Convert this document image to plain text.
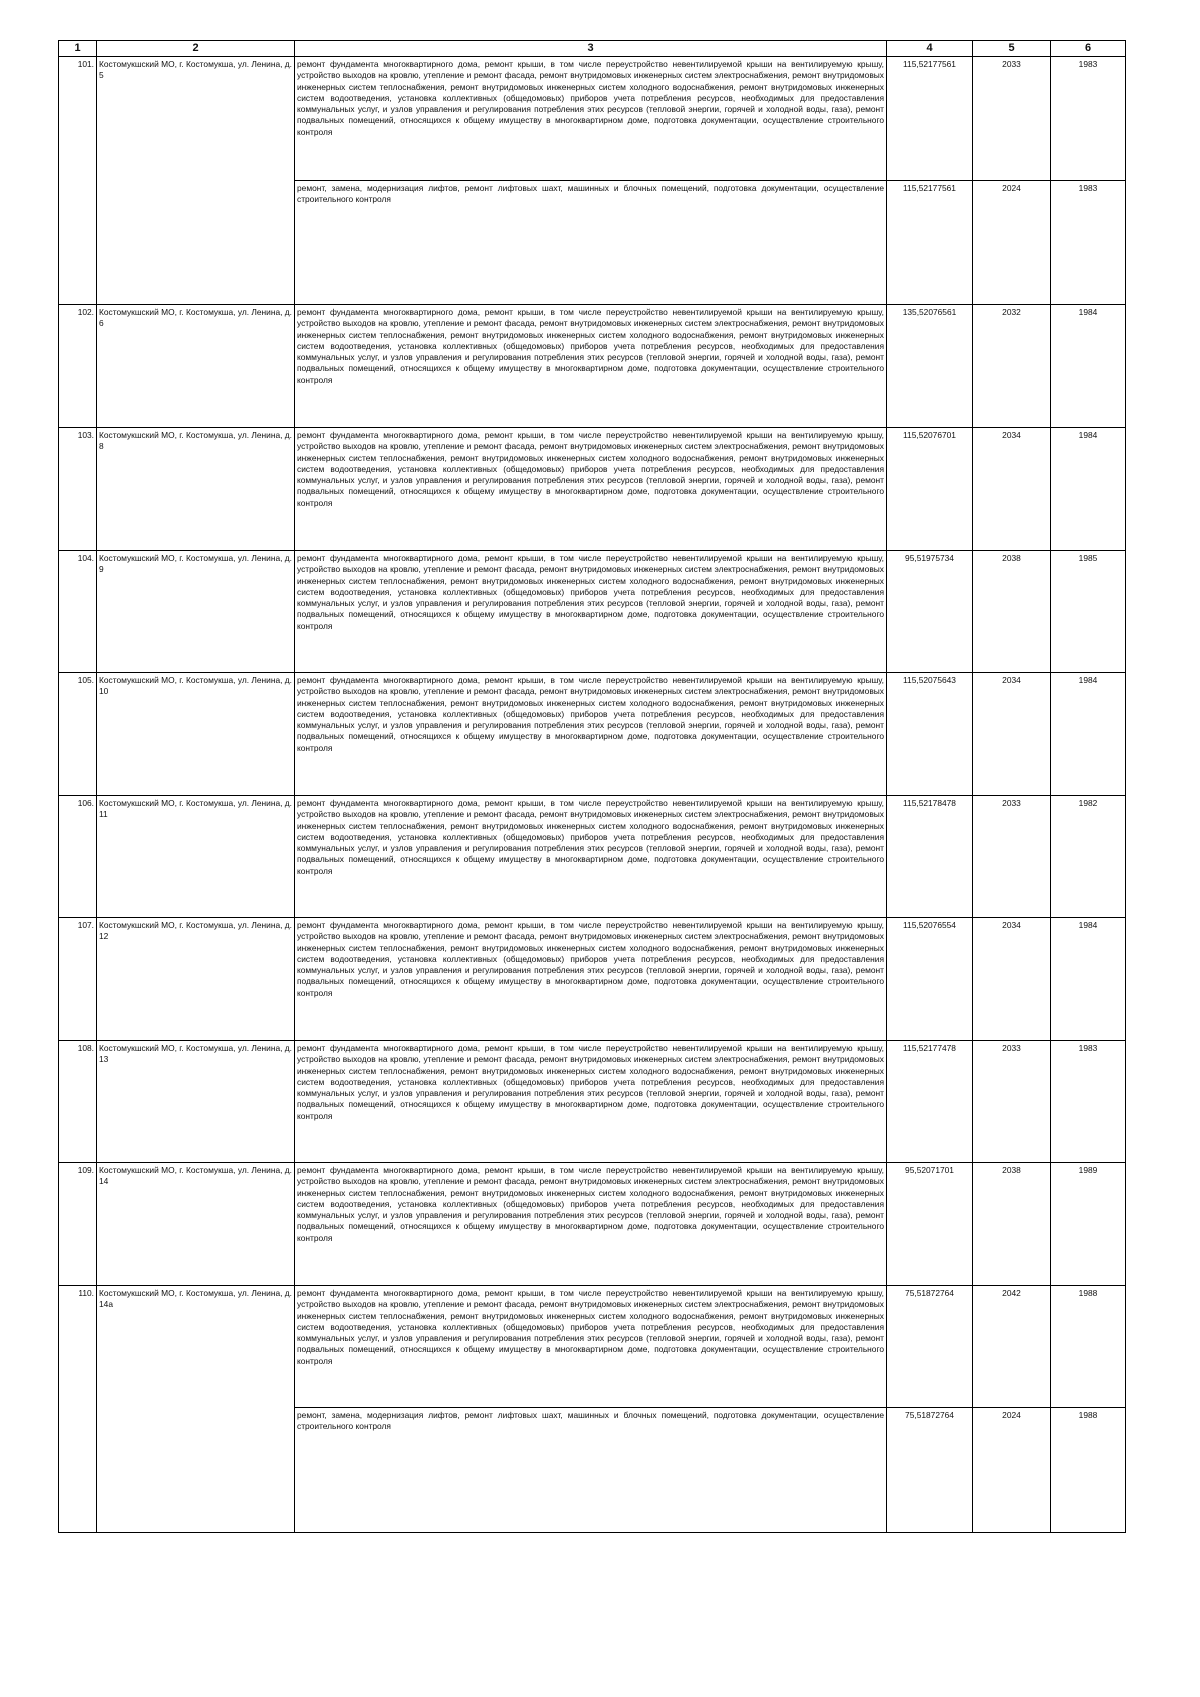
1	2	3	4	5	6
101.	Костомукшский МО, г. Костомукша, ул. Ленина, д. 5	ремонт фундамента многоквартирного дома, ремонт крыши, в том числе переустройство невентилируемой крыши на вентилируемую крышу, устройство выходов на кровлю, утепление и ремонт фасада, ремонт внутридомовых инженерных систем электроснабжения, ремонт внутридомовых инженерных систем теплоснабжения, ремонт внутридомовых инженерных систем холодного водоснабжения, ремонт внутридомовых инженерных систем водоотведения, установка коллективных (общедомовых) приборов учета потребления ресурсов, необходимых для предоставления коммунальных услуг, и узлов управления и регулирования потребления этих ресурсов (тепловой энергии, горячей и холодной воды, газа), ремонт подвальных помещений, относящихся к общему имуществу в многоквартирном доме, подготовка документации, осуществление строительного контроля	115,52177561	2033	1983
		ремонт, замена, модернизация лифтов, ремонт лифтовых шахт, машинных и блочных помещений, подготовка документации, осуществление строительного контроля	115,52177561	2024	1983
102.	Костомукшский МО, г. Костомукша, ул. Ленина, д. 6	ремонт фундамента многоквартирного дома, ремонт крыши, в том числе переустройство невентилируемой крыши на вентилируемую крышу, устройство выходов на кровлю, утепление и ремонт фасада, ремонт внутридомовых инженерных систем электроснабжения, ремонт внутридомовых инженерных систем теплоснабжения, ремонт внутридомовых инженерных систем холодного водоснабжения, ремонт внутридомовых инженерных систем водоотведения, установка коллективных (общедомовых) приборов учета потребления ресурсов, необходимых для предоставления коммунальных услуг, и узлов управления и регулирования потребления этих ресурсов (тепловой энергии, горячей и холодной воды, газа), ремонт подвальных помещений, относящихся к общему имуществу в многоквартирном доме, подготовка документации, осуществление строительного контроля	135,52076561	2032	1984
103.	Костомукшский МО, г. Костомукша, ул. Ленина, д. 8	ремонт фундамента многоквартирного дома, ремонт крыши, в том числе переустройство невентилируемой крыши на вентилируемую крышу, устройство выходов на кровлю, утепление и ремонт фасада, ремонт внутридомовых инженерных систем электроснабжения, ремонт внутридомовых инженерных систем теплоснабжения, ремонт внутридомовых инженерных систем холодного водоснабжения, ремонт внутридомовых инженерных систем водоотведения, установка коллективных (общедомовых) приборов учета потребления ресурсов, необходимых для предоставления коммунальных услуг, и узлов управления и регулирования потребления этих ресурсов (тепловой энергии, горячей и холодной воды, газа), ремонт подвальных помещений, относящихся к общему имуществу в многоквартирном доме, подготовка документации, осуществление строительного контроля	115,52076701	2034	1984
104.	Костомукшский МО, г. Костомукша, ул. Ленина, д. 9	ремонт фундамента многоквартирного дома, ремонт крыши, в том числе переустройство невентилируемой крыши на вентилируемую крышу, устройство выходов на кровлю, утепление и ремонт фасада, ремонт внутридомовых инженерных систем электроснабжения, ремонт внутридомовых инженерных систем теплоснабжения, ремонт внутридомовых инженерных систем холодного водоснабжения, ремонт внутридомовых инженерных систем водоотведения, установка коллективных (общедомовых) приборов учета потребления ресурсов, необходимых для предоставления коммунальных услуг, и узлов управления и регулирования потребления этих ресурсов (тепловой энергии, горячей и холодной воды, газа), ремонт подвальных помещений, относящихся к общему имуществу в многоквартирном доме, подготовка документации, осуществление строительного контроля	95,51975734	2038	1985
105.	Костомукшский МО, г. Костомукша, ул. Ленина, д. 10	ремонт фундамента многоквартирного дома, ремонт крыши, в том числе переустройство невентилируемой крыши на вентилируемую крышу, устройство выходов на кровлю, утепление и ремонт фасада, ремонт внутридомовых инженерных систем электроснабжения, ремонт внутридомовых инженерных систем теплоснабжения, ремонт внутридомовых инженерных систем холодного водоснабжения, ремонт внутридомовых инженерных систем водоотведения, установка коллективных (общедомовых) приборов учета потребления ресурсов, необходимых для предоставления коммунальных услуг, и узлов управления и регулирования потребления этих ресурсов (тепловой энергии, горячей и холодной воды, газа), ремонт подвальных помещений, относящихся к общему имуществу в многоквартирном доме, подготовка документации, осуществление строительного контроля	115,52075643	2034	1984
106.	Костомукшский МО, г. Костомукша, ул. Ленина, д. 11	ремонт фундамента многоквартирного дома, ремонт крыши, в том числе переустройство невентилируемой крыши на вентилируемую крышу, устройство выходов на кровлю, утепление и ремонт фасада, ремонт внутридомовых инженерных систем электроснабжения, ремонт внутридомовых инженерных систем теплоснабжения, ремонт внутридомовых инженерных систем холодного водоснабжения, ремонт внутридомовых инженерных систем водоотведения, установка коллективных (общедомовых) приборов учета потребления ресурсов, необходимых для предоставления коммунальных услуг, и узлов управления и регулирования потребления этих ресурсов (тепловой энергии, горячей и холодной воды, газа), ремонт подвальных помещений, относящихся к общему имуществу в многоквартирном доме, подготовка документации, осуществление строительного контроля	115,52178478	2033	1982
107.	Костомукшский МО, г. Костомукша, ул. Ленина, д. 12	ремонт фундамента многоквартирного дома, ремонт крыши, в том числе переустройство невентилируемой крыши на вентилируемую крышу, устройство выходов на кровлю, утепление и ремонт фасада, ремонт внутридомовых инженерных систем электроснабжения, ремонт внутридомовых инженерных систем теплоснабжения, ремонт внутридомовых инженерных систем холодного водоснабжения, ремонт внутридомовых инженерных систем водоотведения, установка коллективных (общедомовых) приборов учета потребления ресурсов, необходимых для предоставления коммунальных услуг, и узлов управления и регулирования потребления этих ресурсов (тепловой энергии, горячей и холодной воды, газа), ремонт подвальных помещений, относящихся к общему имуществу в многоквартирном доме, подготовка документации, осуществление строительного контроля	115,52076554	2034	1984
108.	Костомукшский МО, г. Костомукша, ул. Ленина, д. 13	ремонт фундамента многоквартирного дома, ремонт крыши, в том числе переустройство невентилируемой крыши на вентилируемую крышу, устройство выходов на кровлю, утепление и ремонт фасада, ремонт внутридомовых инженерных систем электроснабжения, ремонт внутридомовых инженерных систем теплоснабжения, ремонт внутридомовых инженерных систем холодного водоснабжения, ремонт внутридомовых инженерных систем водоотведения, установка коллективных (общедомовых) приборов учета потребления ресурсов, необходимых для предоставления коммунальных услуг, и узлов управления и регулирования потребления этих ресурсов (тепловой энергии, горячей и холодной воды, газа), ремонт подвальных помещений, относящихся к общему имуществу в многоквартирном доме, подготовка документации, осуществление строительного контроля	115,52177478	2033	1983
109.	Костомукшский МО, г. Костомукша, ул. Ленина, д. 14	ремонт фундамента многоквартирного дома, ремонт крыши, в том числе переустройство невентилируемой крыши на вентилируемую крышу, устройство выходов на кровлю, утепление и ремонт фасада, ремонт внутридомовых инженерных систем электроснабжения, ремонт внутридомовых инженерных систем теплоснабжения, ремонт внутридомовых инженерных систем холодного водоснабжения, ремонт внутридомовых инженерных систем водоотведения, установка коллективных (общедомовых) приборов учета потребления ресурсов, необходимых для предоставления коммунальных услуг, и узлов управления и регулирования потребления этих ресурсов (тепловой энергии, горячей и холодной воды, газа), ремонт подвальных помещений, относящихся к общему имуществу в многоквартирном доме, подготовка документации, осуществление строительного контроля	95,52071701	2038	1989
110.	Костомукшский МО, г. Костомукша, ул. Ленина, д. 14а	ремонт фундамента многоквартирного дома, ремонт крыши, в том числе переустройство невентилируемой крыши на вентилируемую крышу, устройство выходов на кровлю, утепление и ремонт фасада, ремонт внутридомовых инженерных систем электроснабжения, ремонт внутридомовых инженерных систем теплоснабжения, ремонт внутридомовых инженерных систем холодного водоснабжения, ремонт внутридомовых инженерных систем водоотведения, установка коллективных (общедомовых) приборов учета потребления ресурсов, необходимых для предоставления коммунальных услуг, и узлов управления и регулирования потребления этих ресурсов (тепловой энергии, горячей и холодной воды, газа), ремонт подвальных помещений, относящихся к общему имуществу в многоквартирном доме, подготовка документации, осуществление строительного контроля	75,51872764	2042	1988
		ремонт, замена, модернизация лифтов, ремонт лифтовых шахт, машинных и блочных помещений, подготовка документации, осуществление строительного контроля	75,51872764	2024	1988
